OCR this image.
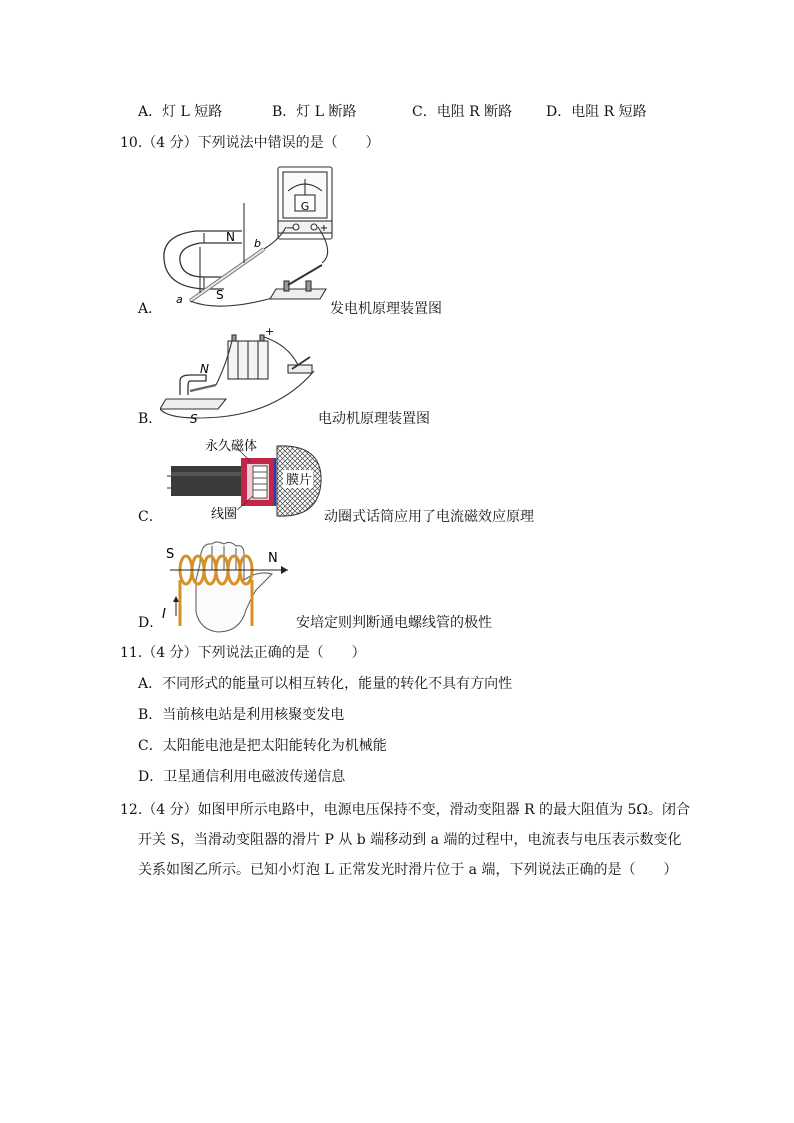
A．灯 L 短路	B．灯 L 断路	C．电阻 R 断路 D．电阻 R 短路
10.（4 分）下列说法中错误的是（　　）
G
−	+
N b
S
a
A．	发电机原理装置图
+
N
S
B．	电动机原理装置图
永久磁体
线圈
膜片
C．	动圈式话筒应用了电流磁效应原理
S	N
I
D．	安培定则判断通电螺线管的极性
11.（4 分）下列说法正确的是（　　）
A．不同形式的能量可以相互转化，能量的转化不具有方向性
B．当前核电站是利用核聚变发电
C．太阳能电池是把太阳能转化为机械能
D．卫星通信利用电磁波传递信息
12.（4 分）如图甲所示电路中，电源电压保持不变，滑动变阻器 R 的最大阻值为 5Ω。闭合
开关 S，当滑动变阻器的滑片 P 从 b 端移动到 a 端的过程中，电流表与电压表示数变化
关系如图乙所示。已知小灯泡 L 正常发光时滑片位于 a 端，下列说法正确的是（　　）
